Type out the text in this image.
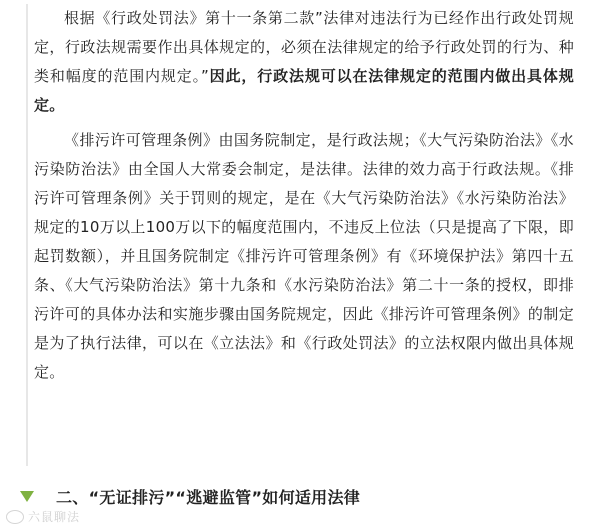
根据《行政处罚法》第十一条第二款”法律对违法行为已经作出行政处罚规定，行政法规需要作出具体规定的，必须在法律规定的给予行政处罚的行为、种类和幅度的范围内规定。”因此，行政法规可以在法律规定的范围内做出具体规定。

《排污许可管理条例》由国务院制定，是行政法规；《大气污染防治法》《水污染防治法》由全国人大常委会制定，是法律。法律的效力高于行政法规。《排污许可管理条例》关于罚则的规定，是在《大气污染防治法》《水污染防治法》规定的10万以上100万以下的幅度范围内，不违反上位法（只是提高了下限，即起罚数额），并且国务院制定《排污许可管理条例》有《环境保护法》第四十五条、《大气污染防治法》第十九条和《水污染防治法》第二十一条的授权，即排污许可的具体办法和实施步骤由国务院规定，因此《排污许可管理条例》的制定是为了执行法律，可以在《立法法》和《行政处罚法》的立法权限内做出具体规定。

二、“无证排污”“逃避监管”如何适用法律
六鼠聊法
